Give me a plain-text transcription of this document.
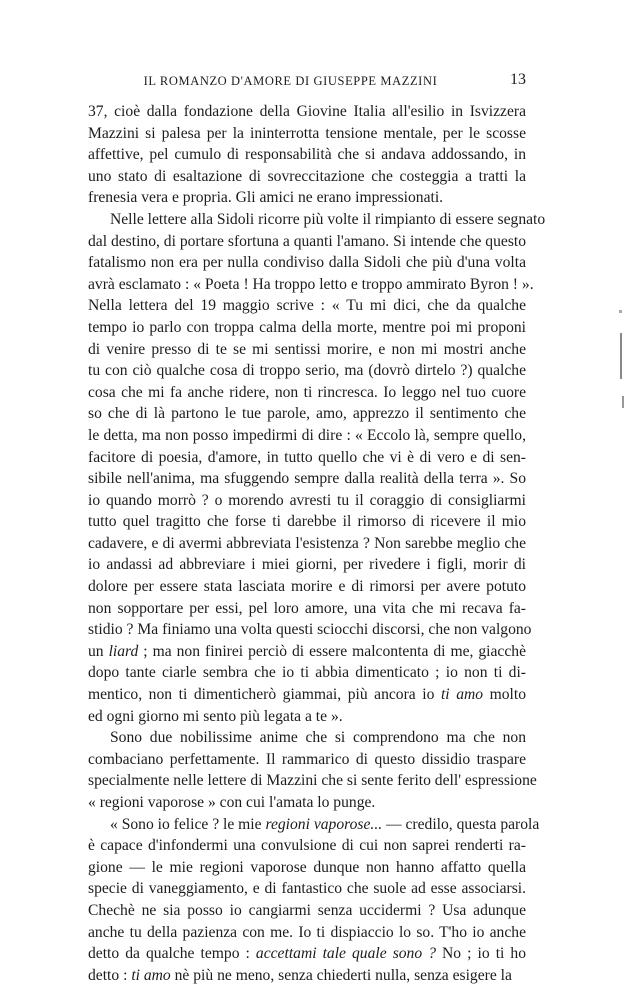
IL ROMANZO D'AMORE DI GIUSEPPE MAZZINI	13
37, cioè dalla fondazione della Giovine Italia all'esilio in Isvizzera
Mazzini si palesa per la ininterrotta tensione mentale, per le scosse
affettive, pel cumulo di responsabilità che si andava addossando, in
uno stato di esaltazione di sovreccitazione che costeggia a tratti la
frenesia vera e propria. Gli amici ne erano impressionati.
Nelle lettere alla Sidoli ricorre più volte il rimpianto di essere segnato
dal destino, di portare sfortuna a quanti l'amano. Si intende che questo
fatalismo non era per nulla condiviso dalla Sidoli che più d'una volta
avrà esclamato : « Poeta ! Ha troppo letto e troppo ammirato Byron ! ».
Nella lettera del 19 maggio scrive : « Tu mi dici, che da qualche
tempo io parlo con troppa calma della morte, mentre poi mi proponi
di venire presso di te se mi sentissi morire, e non mi mostri anche
tu con ciò qualche cosa di troppo serio, ma (dovrò dirtelo ?) qualche
cosa che mi fa anche ridere, non ti rincresca. Io leggo nel tuo cuore
so che di là partono le tue parole, amo, apprezzo il sentimento che
le detta, ma non posso impedirmi di dire : « Eccolo là, sempre quello,
facitore di poesia, d'amore, in tutto quello che vi è di vero e di sen-
sibile nell'anima, ma sfuggendo sempre dalla realità della terra ». So
io quando morrò ? o morendo avresti tu il coraggio di consigliarmi
tutto quel tragitto che forse ti darebbe il rimorso di ricevere il mio
cadavere, e di avermi abbreviata l'esistenza ? Non sarebbe meglio che
io andassi ad abbreviare i miei giorni, per rivedere i figli, morir di
dolore per essere stata lasciata morire e di rimorsi per avere potuto
non sopportare per essi, pel loro amore, una vita che mi recava fa-
stidio ? Ma finiamo una volta questi sciocchi discorsi, che non valgono
un liard ; ma non finirei perciò di essere malcontenta di me, giacchè
dopo tante ciarle sembra che io ti abbia dimenticato ; io non ti di-
mentico, non ti dimenticherò giammai, più ancora io ti amo molto
ed ogni giorno mi sento più legata a te ».
Sono due nobilissime anime che si comprendono ma che non
combaciano perfettamente. Il rammarico di questo dissidio traspare
specialmente nelle lettere di Mazzini che si sente ferito dell' espressione
« regioni vaporose » con cui l'amata lo punge.
« Sono io felice ? le mie regioni vaporose... — credilo, questa parola
è capace d'infondermi una convulsione di cui non saprei renderti ra-
gione — le mie regioni vaporose dunque non hanno affatto quella
specie di vaneggiamento, e di fantastico che suole ad esse associarsi.
Chechè ne sia posso io cangiarmi senza uccidermi ? Usa adunque
anche tu della pazienza con me. Io ti dispiaccio lo so. T'ho io anche
detto da qualche tempo : accettami tale quale sono ? No ; io ti ho
detto : ti amo nè più ne meno, senza chiederti nulla, senza esigere la
